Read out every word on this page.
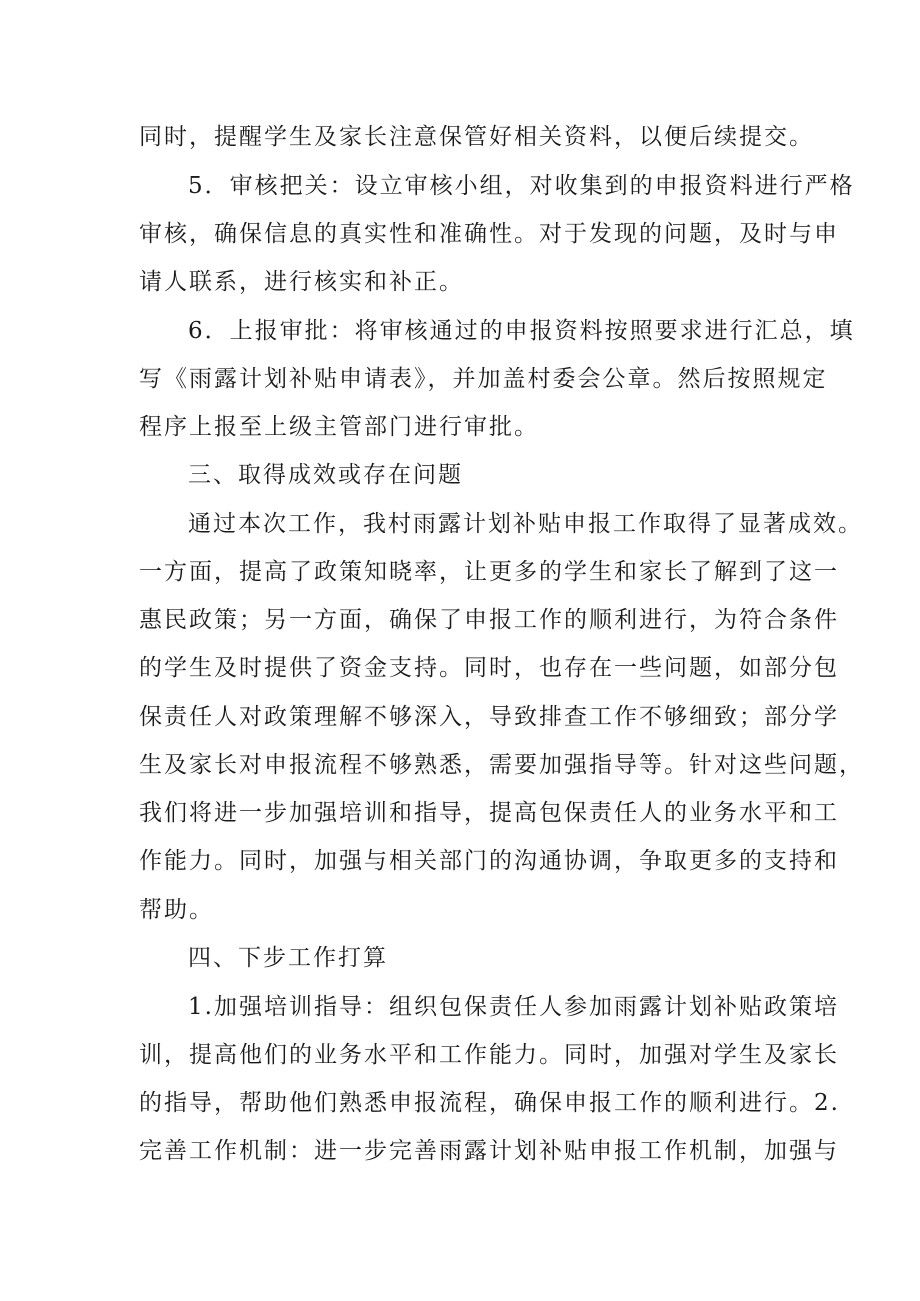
同时，提醒学生及家长注意保管好相关资料，以便后续提交。
5．审核把关：设立审核小组，对收集到的申报资料进行严格
审核，确保信息的真实性和准确性。对于发现的问题，及时与申
请人联系，进行核实和补正。
6．上报审批：将审核通过的申报资料按照要求进行汇总，填
写《雨露计划补贴申请表》，并加盖村委会公章。然后按照规定
程序上报至上级主管部门进行审批。
三、取得成效或存在问题
通过本次工作，我村雨露计划补贴申报工作取得了显著成效。
一方面，提高了政策知晓率，让更多的学生和家长了解到了这一
惠民政策；另一方面，确保了申报工作的顺利进行，为符合条件
的学生及时提供了资金支持。同时，也存在一些问题，如部分包
保责任人对政策理解不够深入，导致排查工作不够细致；部分学
生及家长对申报流程不够熟悉，需要加强指导等。针对这些问题，
我们将进一步加强培训和指导，提高包保责任人的业务水平和工
作能力。同时，加强与相关部门的沟通协调，争取更多的支持和
帮助。
四、下步工作打算
1.加强培训指导：组织包保责任人参加雨露计划补贴政策培
训，提高他们的业务水平和工作能力。同时，加强对学生及家长
的指导，帮助他们熟悉申报流程，确保申报工作的顺利进行。2.
完善工作机制：进一步完善雨露计划补贴申报工作机制，加强与
